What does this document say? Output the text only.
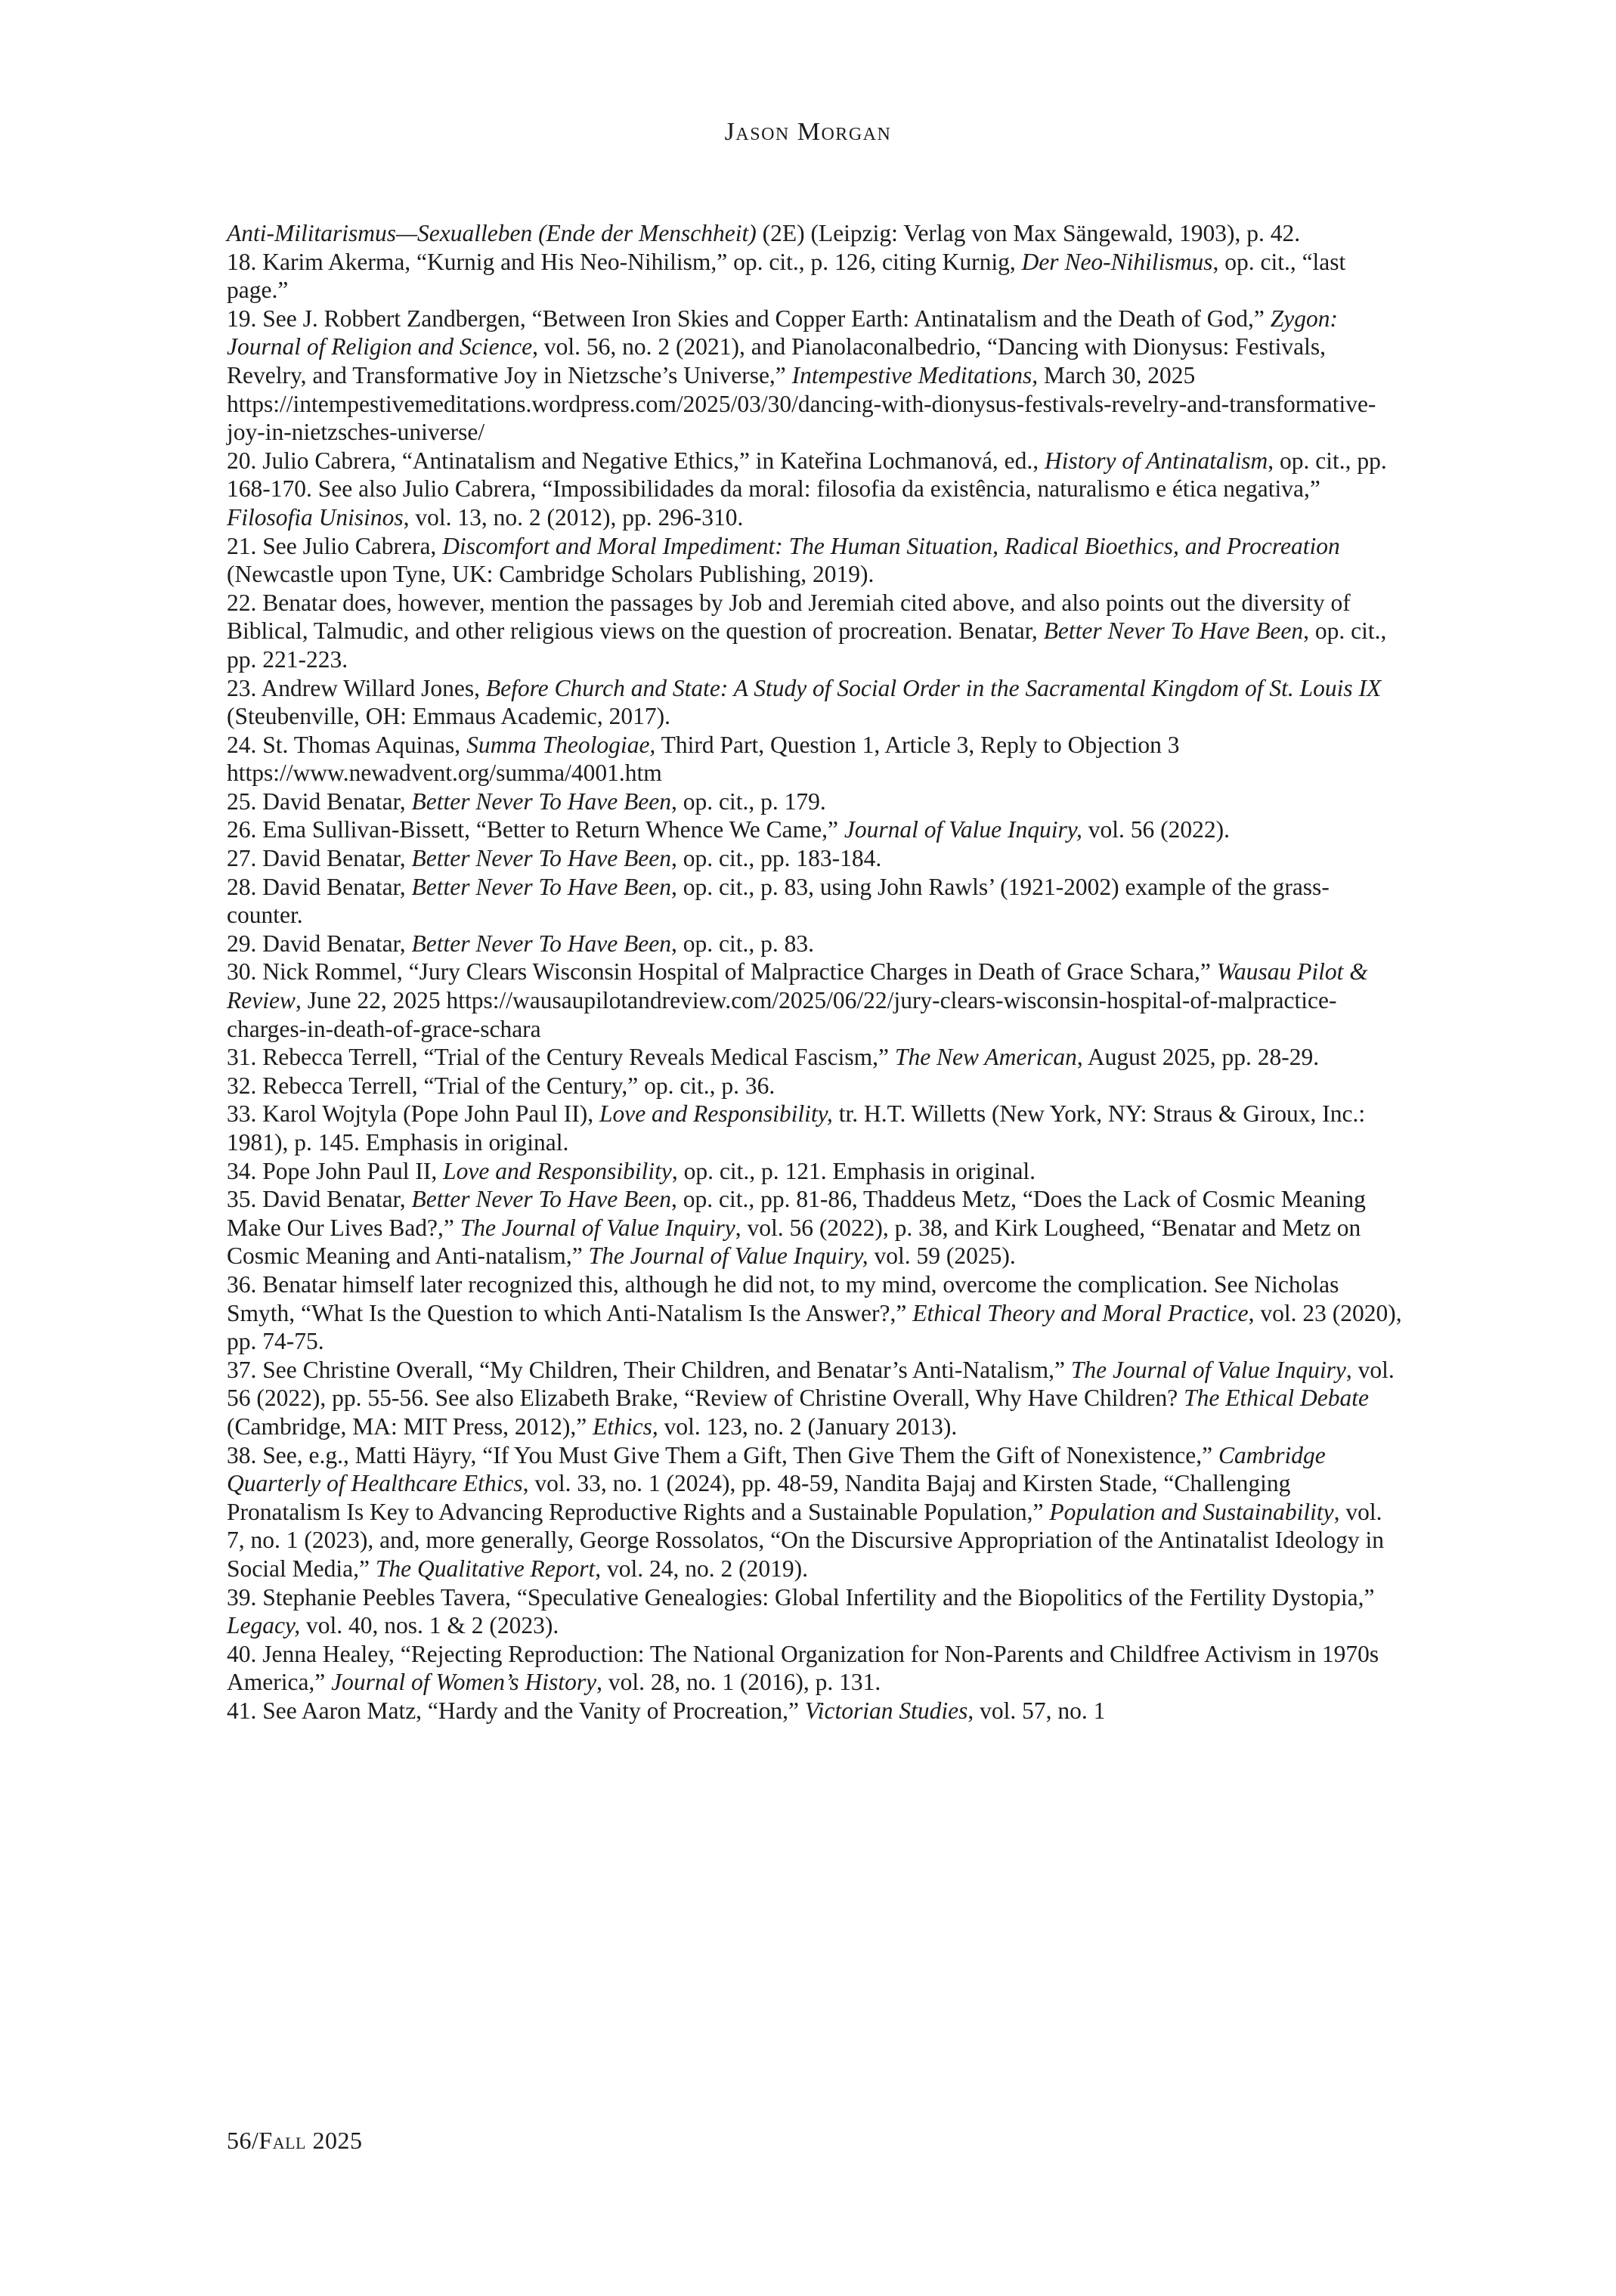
Jason Morgan

Anti-Militarismus—Sexualleben (Ende der Menschheit) (2E) (Leipzig: Verlag von Max Sängewald, 1903), p. 42.

18. Karim Akerma, “Kurnig and His Neo-Nihilism,” op. cit., p. 126, citing Kurnig, Der Neo-Nihilismus, op. cit., “last page.”

19. See J. Robbert Zandbergen, “Between Iron Skies and Copper Earth: Antinatalism and the Death of God,” Zygon: Journal of Religion and Science, vol. 56, no. 2 (2021), and Pianolaconalbedrio, “Dancing with Dionysus: Festivals, Revelry, and Transformative Joy in Nietzsche’s Universe,” Intempestive Meditations, March 30, 2025 https://intempestivemeditations.wordpress.com/2025/03/30/dancing-with-dionysus-festivals-revelry-and-transformative-joy-in-nietzsches-universe/

20. Julio Cabrera, “Antinatalism and Negative Ethics,” in Kateřina Lochmanová, ed., History of Antinatalism, op. cit., pp. 168-170. See also Julio Cabrera, “Impossibilidades da moral: filosofia da existência, naturalismo e ética negativa,” Filosofia Unisinos, vol. 13, no. 2 (2012), pp. 296-310.

21. See Julio Cabrera, Discomfort and Moral Impediment: The Human Situation, Radical Bioethics, and Procreation (Newcastle upon Tyne, UK: Cambridge Scholars Publishing, 2019).

22. Benatar does, however, mention the passages by Job and Jeremiah cited above, and also points out the diversity of Biblical, Talmudic, and other religious views on the question of procreation. Benatar, Better Never To Have Been, op. cit., pp. 221-223.

23. Andrew Willard Jones, Before Church and State: A Study of Social Order in the Sacramental Kingdom of St. Louis IX (Steubenville, OH: Emmaus Academic, 2017).

24. St. Thomas Aquinas, Summa Theologiae, Third Part, Question 1, Article 3, Reply to Objection 3 https://www.newadvent.org/summa/4001.htm

25. David Benatar, Better Never To Have Been, op. cit., p. 179.

26. Ema Sullivan-Bissett, “Better to Return Whence We Came,” Journal of Value Inquiry, vol. 56 (2022).

27. David Benatar, Better Never To Have Been, op. cit., pp. 183-184.

28. David Benatar, Better Never To Have Been, op. cit., p. 83, using John Rawls’ (1921-2002) example of the grass-counter.

29. David Benatar, Better Never To Have Been, op. cit., p. 83.

30. Nick Rommel, “Jury Clears Wisconsin Hospital of Malpractice Charges in Death of Grace Schara,” Wausau Pilot & Review, June 22, 2025 https://wausaupilotandreview.com/2025/06/22/jury-clears-wisconsin-hospital-of-malpractice-charges-in-death-of-grace-schara

31. Rebecca Terrell, “Trial of the Century Reveals Medical Fascism,” The New American, August 2025, pp. 28-29.

32. Rebecca Terrell, “Trial of the Century,” op. cit., p. 36.

33. Karol Wojtyla (Pope John Paul II), Love and Responsibility, tr. H.T. Willetts (New York, NY: Straus & Giroux, Inc.: 1981), p. 145. Emphasis in original.

34. Pope John Paul II, Love and Responsibility, op. cit., p. 121. Emphasis in original.

35. David Benatar, Better Never To Have Been, op. cit., pp. 81-86, Thaddeus Metz, “Does the Lack of Cosmic Meaning Make Our Lives Bad?,” The Journal of Value Inquiry, vol. 56 (2022), p. 38, and Kirk Lougheed, “Benatar and Metz on Cosmic Meaning and Anti-natalism,” The Journal of Value Inquiry, vol. 59 (2025).

36. Benatar himself later recognized this, although he did not, to my mind, overcome the complication. See Nicholas Smyth, “What Is the Question to which Anti-Natalism Is the Answer?,” Ethical Theory and Moral Practice, vol. 23 (2020), pp. 74-75.

37. See Christine Overall, “My Children, Their Children, and Benatar’s Anti-Natalism,” The Journal of Value Inquiry, vol. 56 (2022), pp. 55-56. See also Elizabeth Brake, “Review of Christine Overall, Why Have Children? The Ethical Debate (Cambridge, MA: MIT Press, 2012),” Ethics, vol. 123, no. 2 (January 2013).

38. See, e.g., Matti Häyry, “If You Must Give Them a Gift, Then Give Them the Gift of Nonexistence,” Cambridge Quarterly of Healthcare Ethics, vol. 33, no. 1 (2024), pp. 48-59, Nandita Bajaj and Kirsten Stade, “Challenging Pronatalism Is Key to Advancing Reproductive Rights and a Sustainable Population,” Population and Sustainability, vol. 7, no. 1 (2023), and, more generally, George Rossolatos, “On the Discursive Appropriation of the Antinatalist Ideology in Social Media,” The Qualitative Report, vol. 24, no. 2 (2019).

39. Stephanie Peebles Tavera, “Speculative Genealogies: Global Infertility and the Biopolitics of the Fertility Dystopia,” Legacy, vol. 40, nos. 1 & 2 (2023).

40. Jenna Healey, “Rejecting Reproduction: The National Organization for Non-Parents and Childfree Activism in 1970s America,” Journal of Women’s History, vol. 28, no. 1 (2016), p. 131.

41. See Aaron Matz, “Hardy and the Vanity of Procreation,” Victorian Studies, vol. 57, no. 1

56/Fall 2025
